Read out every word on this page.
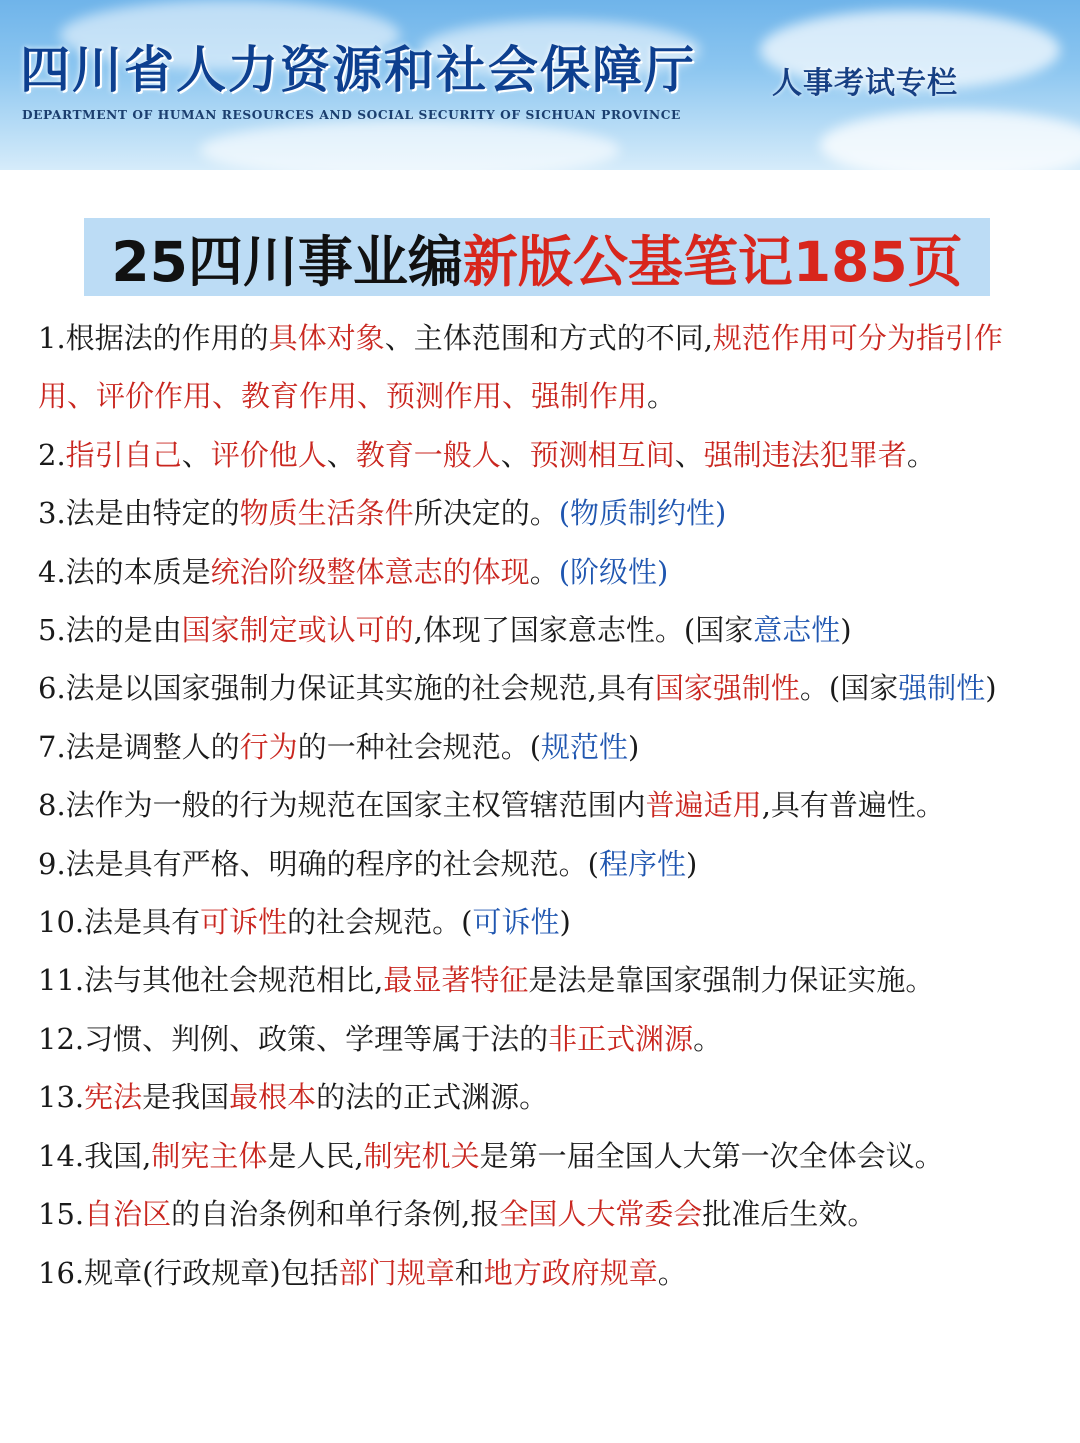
四川省人力资源和社会保障厅
DEPARTMENT OF HUMAN RESOURCES AND SOCIAL SECURITY OF SICHUAN PROVINCE
人事考试专栏
25四川事业编新版公基笔记185页

1.根据法的作用的具体对象、主体范围和方式的不同,规范作用可分为指引作用、评价作用、教育作用、预测作用、强制作用。

2.指引自己、评价他人、教育一般人、预测相互间、强制违法犯罪者。

3.法是由特定的物质生活条件所决定的。(物质制约性)

4.法的本质是统治阶级整体意志的体现。(阶级性)

5.法的是由国家制定或认可的,体现了国家意志性。(国家意志性)

6.法是以国家强制力保证其实施的社会规范,具有国家强制性。(国家强制性)

7.法是调整人的行为的一种社会规范。(规范性)

8.法作为一般的行为规范在国家主权管辖范围内普遍适用,具有普遍性。

9.法是具有严格、明确的程序的社会规范。(程序性)

10.法是具有可诉性的社会规范。(可诉性)

11.法与其他社会规范相比,最显著特征是法是靠国家强制力保证实施。

12.习惯、判例、政策、学理等属于法的非正式渊源。

13.宪法是我国最根本的法的正式渊源。

14.我国,制宪主体是人民,制宪机关是第一届全国人大第一次全体会议。

15.自治区的自治条例和单行条例,报全国人大常委会批准后生效。

16.规章(行政规章)包括部门规章和地方政府规章。
